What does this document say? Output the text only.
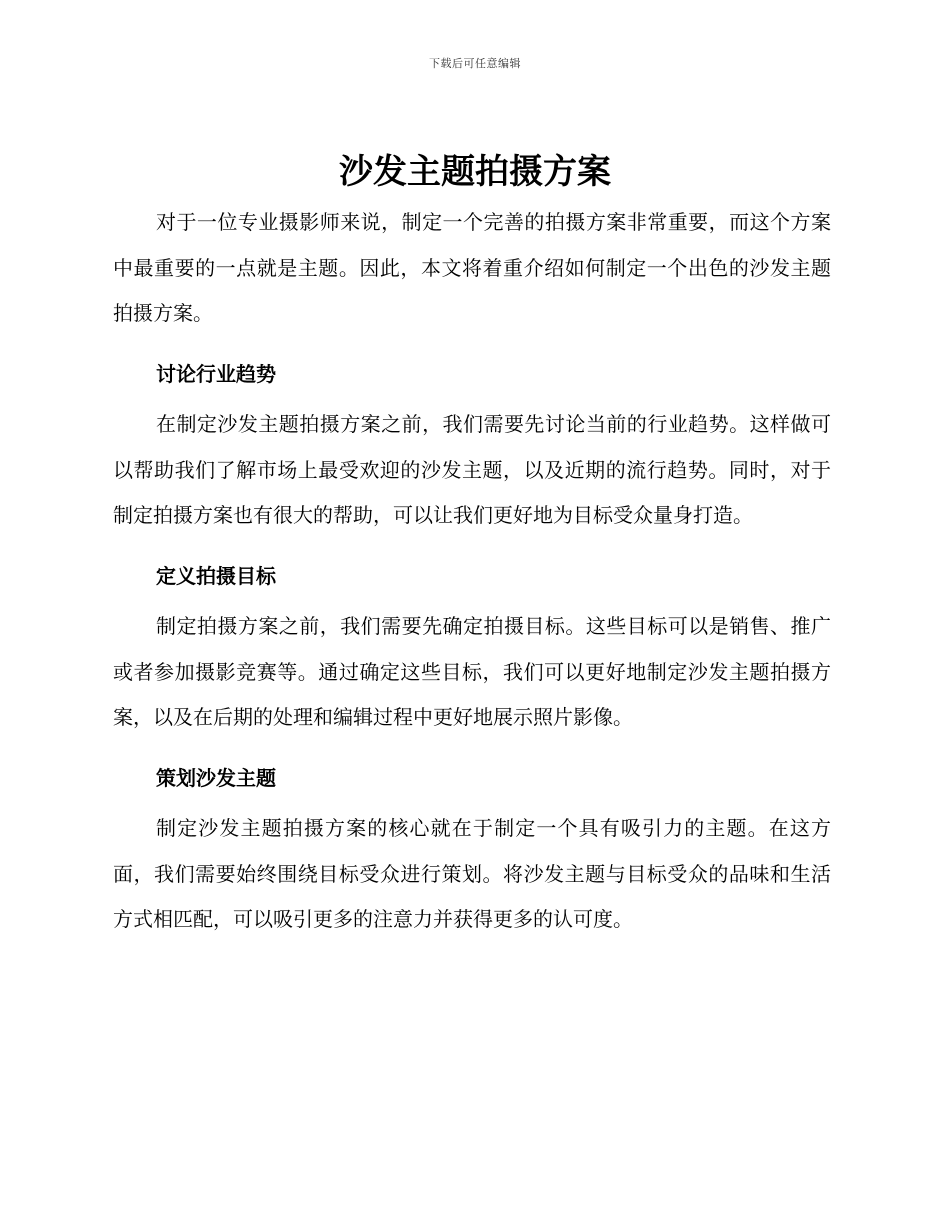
下载后可任意编辑
沙发主题拍摄方案

对于一位专业摄影师来说，制定一个完善的拍摄方案非常重要，而这个方案中最重要的一点就是主题。因此，本文将着重介绍如何制定一个出色的沙发主题拍摄方案。

讨论行业趋势

在制定沙发主题拍摄方案之前，我们需要先讨论当前的行业趋势。这样做可以帮助我们了解市场上最受欢迎的沙发主题，以及近期的流行趋势。同时，对于制定拍摄方案也有很大的帮助，可以让我们更好地为目标受众量身打造。

定义拍摄目标

制定拍摄方案之前，我们需要先确定拍摄目标。这些目标可以是销售、推广或者参加摄影竞赛等。通过确定这些目标，我们可以更好地制定沙发主题拍摄方案，以及在后期的处理和编辑过程中更好地展示照片影像。

策划沙发主题

制定沙发主题拍摄方案的核心就在于制定一个具有吸引力的主题。在这方面，我们需要始终围绕目标受众进行策划。将沙发主题与目标受众的品味和生活方式相匹配，可以吸引更多的注意力并获得更多的认可度。
